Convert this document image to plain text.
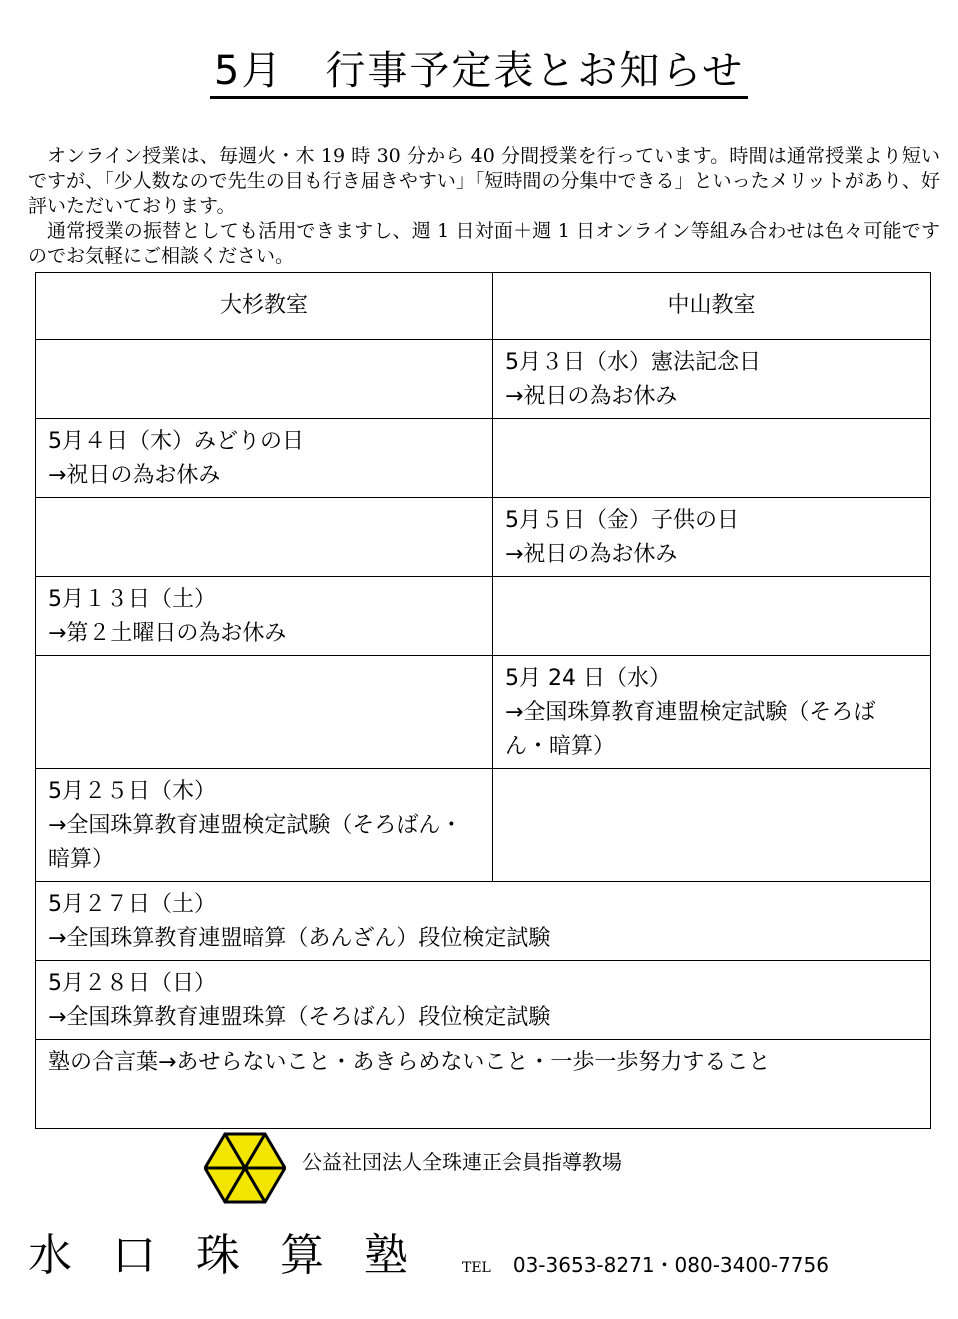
5月　行事予定表とお知らせ

オンライン授業は、毎週火・木 19 時 30 分から 40 分間授業を行っています。時間は通常授業より短いですが、「少人数なので先生の目も行き届きやすい」「短時間の分集中できる」といったメリットがあり、好評いただいております。

通常授業の振替としても活用できますし、週 1 日対面＋週 1 日オンライン等組み合わせは色々可能ですのでお気軽にご相談ください。

大杉教室	中山教室

	5月３日（水）憲法記念日
→祝日の為お休み

5月４日（木）みどりの日
→祝日の為お休み	

	5月５日（金）子供の日
→祝日の為お休み

5月１３日（土）
→第２土曜日の為お休み	

	5月 24 日（水）
→全国珠算教育連盟検定試験（そろばん・暗算）

5月２５日（木）
→全国珠算教育連盟検定試験（そろばん・暗算）	

5月２７日（土）
→全国珠算教育連盟暗算（あんざん）段位検定試験	

5月２８日（日）
→全国珠算教育連盟珠算（そろばん）段位検定試験	

塾の合言葉→あせらないこと・あきらめないこと・一歩一歩努力すること	
公益社団法人全珠連正会員指導教場
水口珠算塾 TEL 03-3653-8271・080-3400-7756
